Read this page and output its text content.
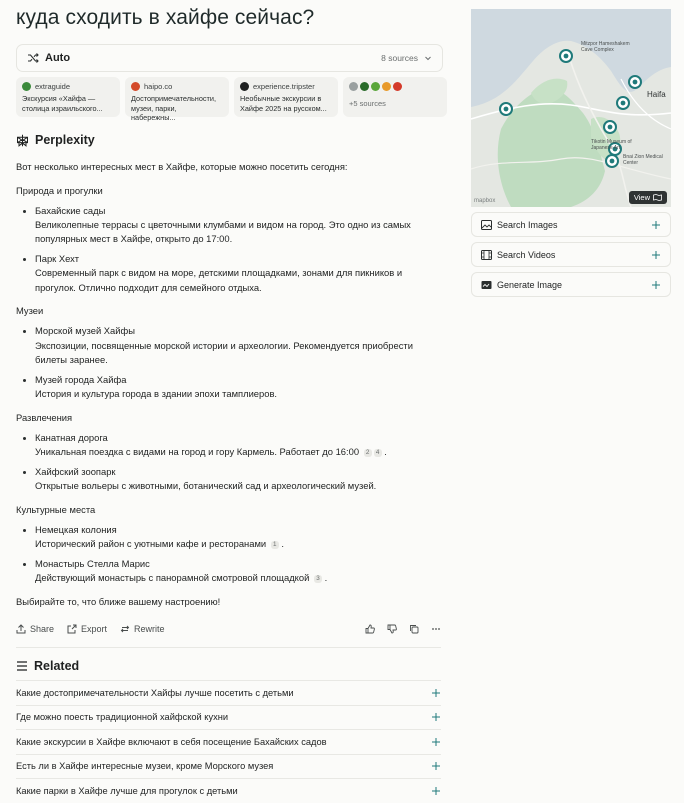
куда сходить в хайфе сейчас?
Auto	8 sources
extraguide
Экскурсия «Хайфа — столица израильского...
haipo.co
Достопримечательности, музеи, парки, набережны...
experience.tripster
Необычные экскурсии в Хайфе 2025 на русском...	+5 sources
Perplexity

Вот несколько интересных мест в Хайфе, которые можно посетить сегодня:

Природа и прогулки

Бахайские сады
Великолепные террасы с цветочными клумбами и видом на город. Это одно из самых популярных мест в Хайфе, открыто до 17:00.
Парк Хехт
Современный парк с видом на море, детскими площадками, зонами для пикников и прогулок. Отлично подходит для семейного отдыха.

Музеи

Морской музей Хайфы
Экспозиции, посвященные морской истории и археологии. Рекомендуется приобрести билеты заранее.
Музей города Хайфа
История и культура города в здании эпохи тамплиеров.

Развлечения

Канатная дорога
Уникальная поездка с видами на город и гору Кармель. Работает до 16:00 2 4 .
Хайфский зоопарк
Открытые вольеры с животными, ботанический сад и археологический музей.

Культурные места

Немецкая колония
Исторический район с уютными кафе и ресторанами 1 .
Монастырь Стелла Марис
Действующий монастырь с панорамной смотровой площадкой 3 .

Выбирайте то, что ближе вашему настроению!

Share	Export	Rewrite
Related
Какие достопримечательности Хайфы лучше посетить с детьми
Где можно поесть традиционной хайфской кухни
Какие экскурсии в Хайфе включают в себя посещение Бахайских садов
Есть ли в Хайфе интересные музеи, кроме Морского музея
Какие парки в Хайфе лучше для прогулок с детьми
Haifa
Mitzpor Hameshakem Cave Complex
Tikotin Museum of Japanese Art
Bnai Zion Medical Center
mapbox	View
Search Images
Search Videos
Generate Image
